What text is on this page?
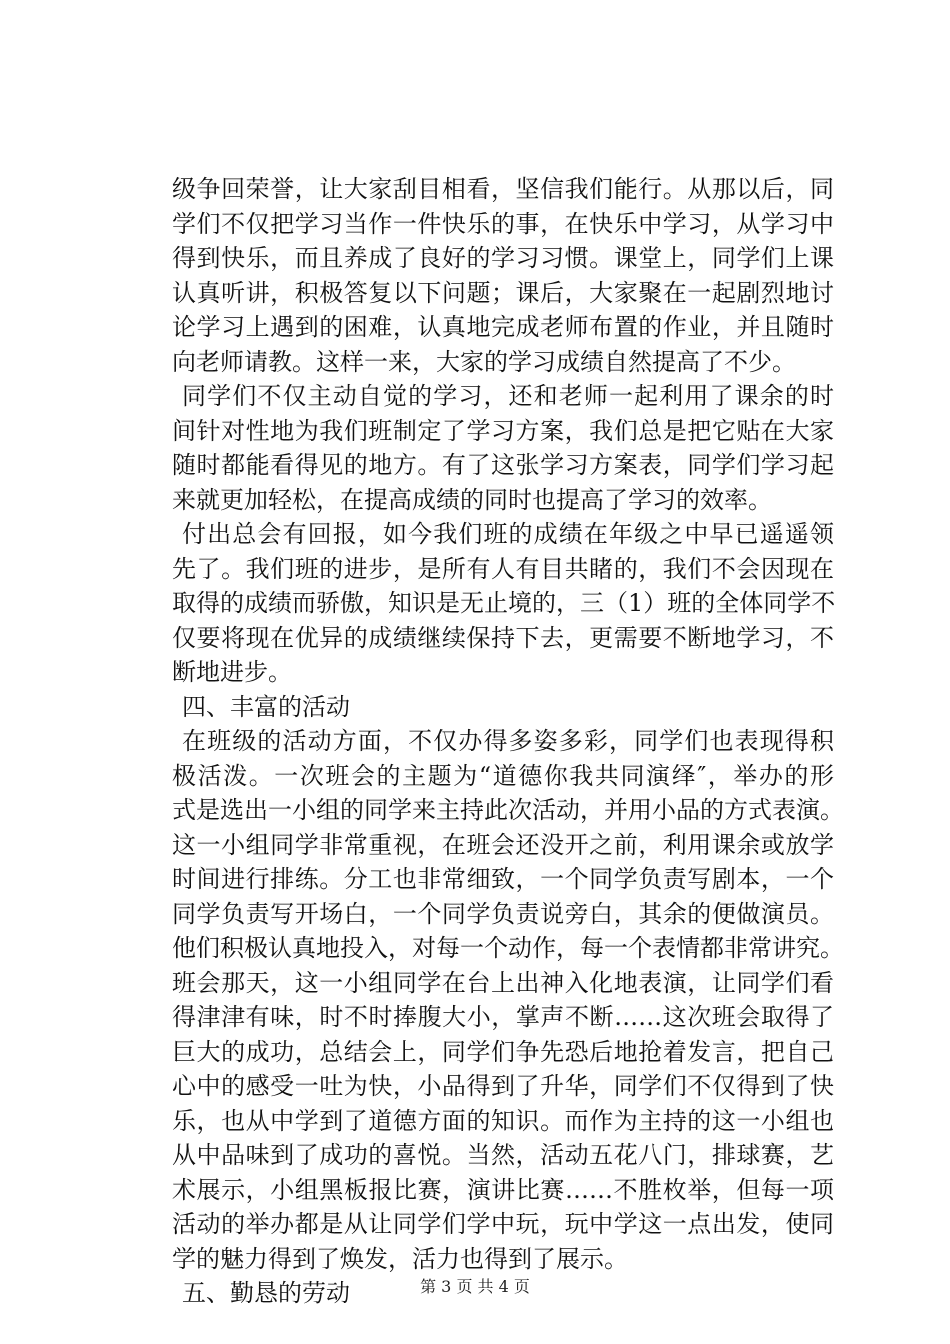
级争回荣誉，让大家刮目相看，坚信我们能行。从那以后，同
学们不仅把学习当作一件快乐的事，在快乐中学习，从学习中
得到快乐，而且养成了良好的学习习惯。课堂上，同学们上课
认真听讲，积极答复以下问题；课后，大家聚在一起剧烈地讨
论学习上遇到的困难，认真地完成老师布置的作业，并且随时
向老师请教。这样一来，大家的学习成绩自然提高了不少。
同学们不仅主动自觉的学习，还和老师一起利用了课余的时
间针对性地为我们班制定了学习方案，我们总是把它贴在大家
随时都能看得见的地方。有了这张学习方案表，同学们学习起
来就更加轻松，在提高成绩的同时也提高了学习的效率。
付出总会有回报，如今我们班的成绩在年级之中早已遥遥领
先了。我们班的进步，是所有人有目共睹的，我们不会因现在
取得的成绩而骄傲，知识是无止境的，三（1）班的全体同学不
仅要将现在优异的成绩继续保持下去，更需要不断地学习，不
断地进步。
四、丰富的活动
在班级的活动方面，不仅办得多姿多彩，同学们也表现得积
极活泼。一次班会的主题为“道德你我共同演绎″，举办的形
式是选出一小组的同学来主持此次活动，并用小品的方式表演。
这一小组同学非常重视，在班会还没开之前，利用课余或放学
时间进行排练。分工也非常细致，一个同学负责写剧本，一个
同学负责写开场白，一个同学负责说旁白，其余的便做演员。
他们积极认真地投入，对每一个动作，每一个表情都非常讲究。
班会那天，这一小组同学在台上出神入化地表演，让同学们看
得津津有味，时不时捧腹大小，掌声不断……这次班会取得了
巨大的成功，总结会上，同学们争先恐后地抢着发言，把自己
心中的感受一吐为快，小品得到了升华，同学们不仅得到了快
乐，也从中学到了道德方面的知识。而作为主持的这一小组也
从中品味到了成功的喜悦。当然，活动五花八门，排球赛，艺
术展示，小组黑板报比赛，演讲比赛……不胜枚举，但每一项
活动的举办都是从让同学们学中玩，玩中学这一点出发，使同
学的魅力得到了焕发，活力也得到了展示。
五、勤恳的劳动	第 3 页 共 4 页
